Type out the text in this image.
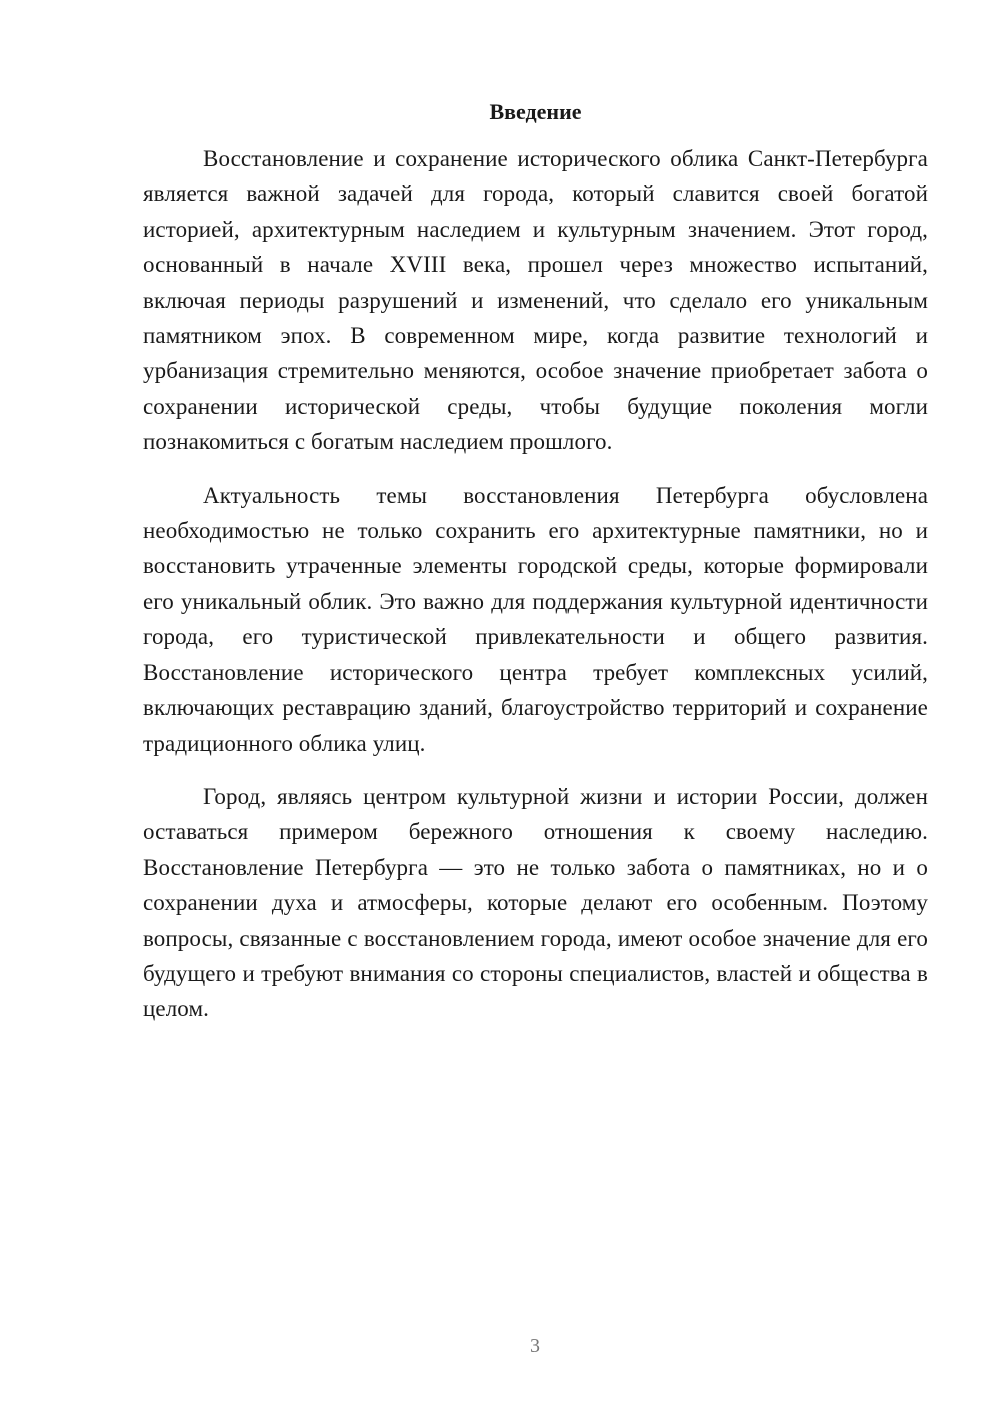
Введение

Восстановление и сохранение исторического облика Санкт-Петербурга является важной задачей для города, который славится своей богатой историей, архитектурным наследием и культурным значением. Этот город, основанный в начале XVIII века, прошел через множество испытаний, включая периоды разрушений и изменений, что сделало его уникальным памятником эпох. В современном мире, когда развитие технологий и урбанизация стремительно меняются, особое значение приобретает забота о сохранении исторической среды, чтобы будущие поколения могли познакомиться с богатым наследием прошлого.

Актуальность темы восстановления Петербурга обусловлена необходимостью не только сохранить его архитектурные памятники, но и восстановить утраченные элементы городской среды, которые формировали его уникальный облик. Это важно для поддержания культурной идентичности города, его туристической привлекательности и общего развития. Восстановление исторического центра требует комплексных усилий, включающих реставрацию зданий, благоустройство территорий и сохранение традиционного облика улиц.

Город, являясь центром культурной жизни и истории России, должен оставаться примером бережного отношения к своему наследию. Восстановление Петербурга — это не только забота о памятниках, но и о сохранении духа и атмосферы, которые делают его особенным. Поэтому вопросы, связанные с восстановлением города, имеют особое значение для его будущего и требуют внимания со стороны специалистов, властей и общества в целом.

3
